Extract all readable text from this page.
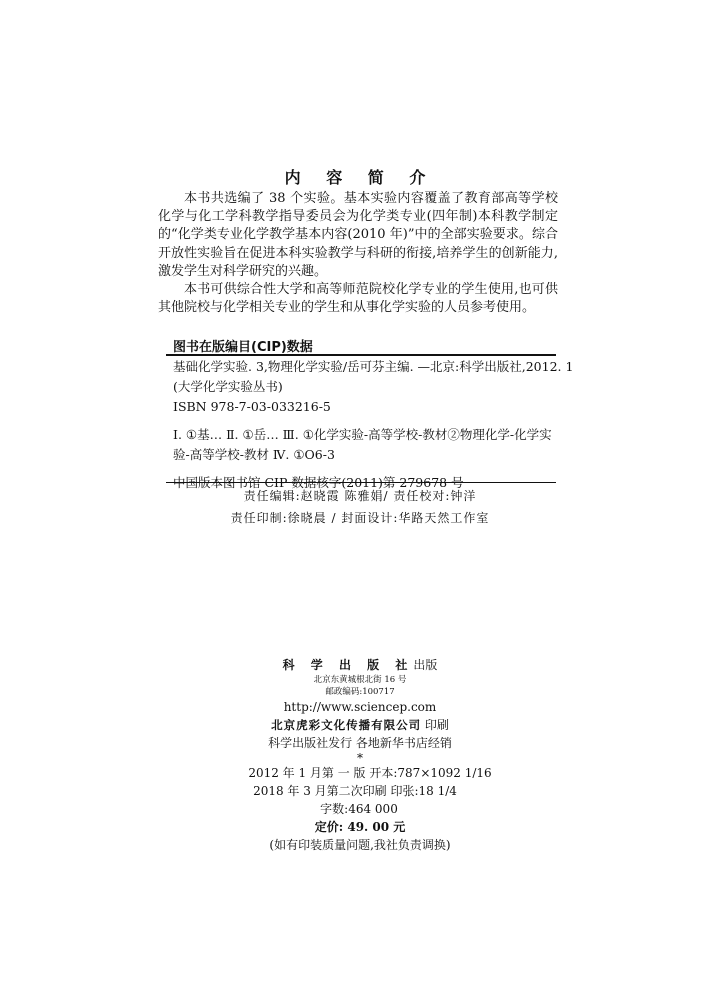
内 容 简 介

本书共选编了 38 个实验。基本实验内容覆盖了教育部高等学校化学与化工学科教学指导委员会为化学类专业(四年制)本科教学制定的“化学类专业化学教学基本内容(2010 年)”中的全部实验要求。综合开放性实验旨在促进本科实验教学与科研的衔接,培养学生的创新能力,激发学生对科学研究的兴趣。

本书可供综合性大学和高等师范院校化学专业的学生使用,也可供其他院校与化学相关专业的学生和从事化学实验的人员参考使用。

图书在版编目(CIP)数据
基础化学实验. 3,物理化学实验/岳可芬主编. —北京:科学出版社,2012. 1
(大学化学实验丛书)
ISBN 978-7-03-033216-5
Ⅰ. ①基… Ⅱ. ①岳… Ⅲ. ①化学实验-高等学校-教材②物理化学-化学实验-高等学校-教材 Ⅳ. ①O6-3
中国版本图书馆 CIP 数据核字(2011)第 279678 号
责任编辑:赵晓霞 陈雅娟/ 责任校对:钟洋
责任印制:徐晓晨 / 封面设计:华路天然工作室
科 学 出 版 社出版
北京东黄城根北街 16 号
邮政编码:100717
http://www.sciencep.com
北京虎彩文化传播有限公司 印刷
科学出版社发行 各地新华书店经销
*
2012 年 1 月第 一 版 开本:787×1092 1/16
2018 年 3 月第二次印刷 印张:18 1/4
字数:464 000
定价: 49. 00 元
(如有印装质量问题,我社负责调换)
